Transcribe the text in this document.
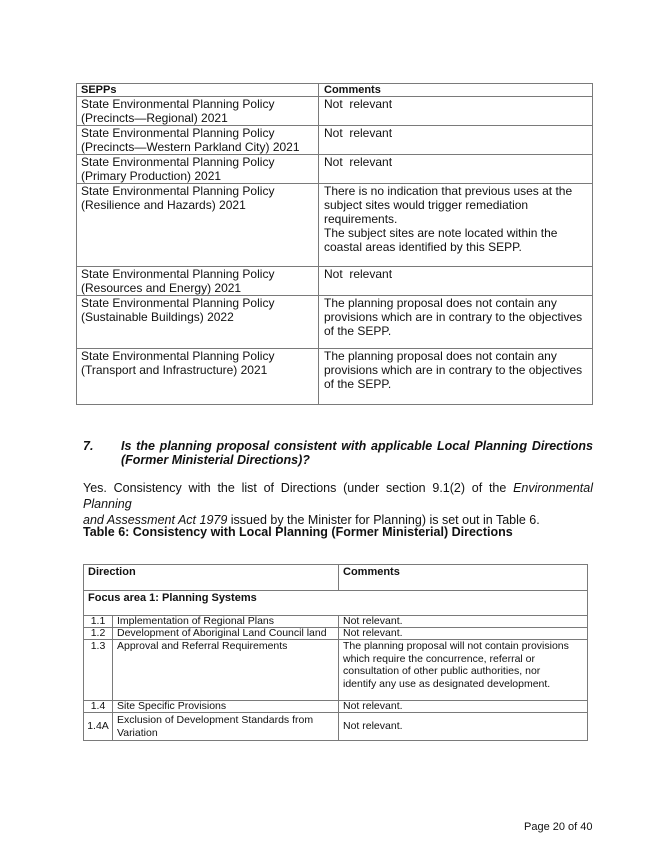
SEPPs	Comments
State Environmental Planning Policy
(Precincts—Regional) 2021	Not  relevant
State Environmental Planning Policy
(Precincts—Western Parkland City) 2021	Not  relevant
State Environmental Planning Policy
(Primary Production) 2021	Not  relevant
State Environmental Planning Policy
(Resilience and Hazards) 2021	There is no indication that previous uses at the
subject sites would trigger remediation
requirements.
The subject sites are note located within the
coastal areas identified by this SEPP.
State Environmental Planning Policy
(Resources and Energy) 2021	Not  relevant
State Environmental Planning Policy
(Sustainable Buildings) 2022	The planning proposal does not contain any
provisions which are in contrary to the objectives
of the SEPP.
State Environmental Planning Policy
(Transport and Infrastructure) 2021	The planning proposal does not contain any
provisions which are in contrary to the objectives
of the SEPP.
7. Is the planning proposal consistent with applicable Local Planning Directions
(Former Ministerial Directions)?
Yes. Consistency with the list of Directions (under section 9.1(2) of the Environmental Planning
and Assessment Act 1979 issued by the Minister for Planning) is set out in Table 6.
Table 6: Consistency with Local Planning (Former Ministerial) Directions
Direction		Comments
Focus area 1: Planning Systems		
1.1	Implementation of Regional Plans	Not relevant.
1.2	Development of Aboriginal Land Council land	Not relevant.
1.3	Approval and Referral Requirements	The planning proposal will not contain provisions
which require the concurrence, referral or
consultation of other public authorities, nor
identify any use as designated development.
1.4	Site Specific Provisions	Not relevant.
1.4A	Exclusion of Development Standards from
Variation	Not relevant.
Page 20 of 40
